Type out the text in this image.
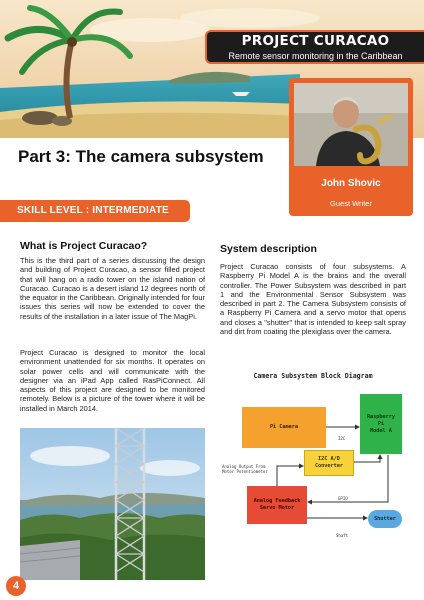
PROJECT CURACAO
Remote sensor monitoring in the Caribbean
John Shovic
Guest Writer
Part 3: The camera subsystem
SKILL LEVEL : INTERMEDIATE
What is Project Curacao?

This is the third part of a series discussing the design and building of Project Curacao, a sensor filled project that will hang on a radio tower on the island nation of Curacao. Curacao is a desert island 12 degrees north of the equator in the Caribbean. Originally intended for four issues this series will now be extended to cover the results of the installation in a later issue of The MagPi.

Project Curacao is designed to monitor the local environment unattended for six months. It operates on solar power cells and will communicate with the designer via an iPad App called RasPiConnect. All aspects of this project are designed to be monitored remotely. Below is a picture of the tower where it will be installed in March 2014.

System description

Project Curacao consists of four subsystems. A Raspberry Pi Model A is the brains and the overall controller. The Power Subsystem was described in part 1 and the Environmental Sensor Subsystem was described in part 2. The Camera Subsystem consists of a Raspberry Pi Camera and a servo motor that opens and closes a "shutter" that is intended to keep salt spray and dirt from coating the plexiglass over the camera.

Camera Subsystem Block Diagram
Pi Camera
Raspberry
Pi
Model A
I2C A/D
Converter
Analog Feedback
Servo Motor
Shutter
I2C
Analog Output From
Motor Potentiometer
GPIO
Shaft
4
